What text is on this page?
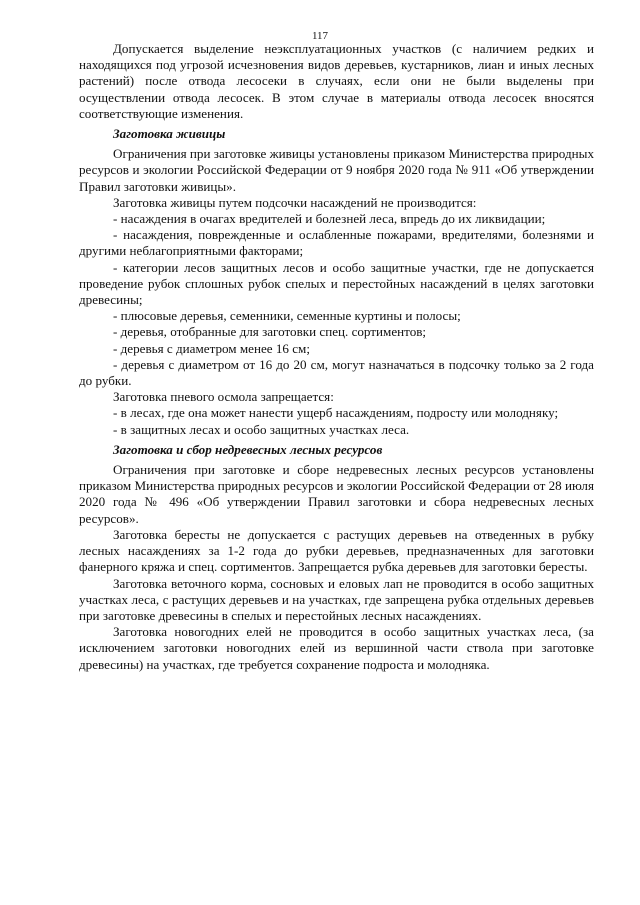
117

Допускается выделение неэксплуатационных участков (с наличием редких и находящихся под угрозой исчезновения видов деревьев, кустарников, лиан и иных лесных растений) после отвода лесосеки в случаях, если они не были выделены при осуществлении отвода лесосек. В этом случае в материалы отвода лесосек вносятся соответствующие изменения.

Заготовка живицы

Ограничения при заготовке живицы установлены приказом Министерства природных ресурсов и экологии Российской Федерации от 9 ноября 2020 года № 911 «Об утверждении Правил заготовки живицы».

Заготовка живицы путем подсочки насаждений не производится:

- насаждения в очагах вредителей и болезней леса, впредь до их ликвидации;

- насаждения, поврежденные и ослабленные пожарами, вредителями, болезнями и другими неблагоприятными факторами;

- категории лесов защитных лесов и особо защитные участки, где не допускается проведение рубок сплошных рубок спелых и перестойных насаждений в целях заготовки древесины;

- плюсовые деревья, семенники, семенные куртины и полосы;

- деревья, отобранные для заготовки спец. сортиментов;

- деревья с диаметром менее 16 см;

- деревья с диаметром от 16 до 20 см, могут назначаться в подсочку только за 2 года до рубки.

Заготовка пневого осмола запрещается:

- в лесах, где она может нанести ущерб насаждениям, подросту или молодняку;

- в защитных лесах и особо защитных участках леса.

Заготовка и сбор недревесных лесных ресурсов

Ограничения при заготовке и сборе недревесных лесных ресурсов установлены приказом Министерства природных ресурсов и экологии Российской Федерации от 28 июля 2020 года № 496 «Об утверждении Правил заготовки и сбора недревесных лесных ресурсов».

Заготовка бересты не допускается с растущих деревьев на отведенных в рубку лесных насаждениях за 1-2 года до рубки деревьев, предназначенных для заготовки фанерного кряжа и спец. сортиментов. Запрещается рубка деревьев для заготовки бересты.

Заготовка веточного корма, сосновых и еловых лап не проводится в особо защитных участках леса, с растущих деревьев и на участках, где запрещена рубка отдельных деревьев при заготовке древесины в спелых и перестойных лесных насаждениях.

Заготовка новогодних елей не проводится в особо защитных участках леса, (за исключением заготовки новогодних елей из вершинной части ствола при заготовке древесины) на участках, где требуется сохранение подроста и молодняка.
